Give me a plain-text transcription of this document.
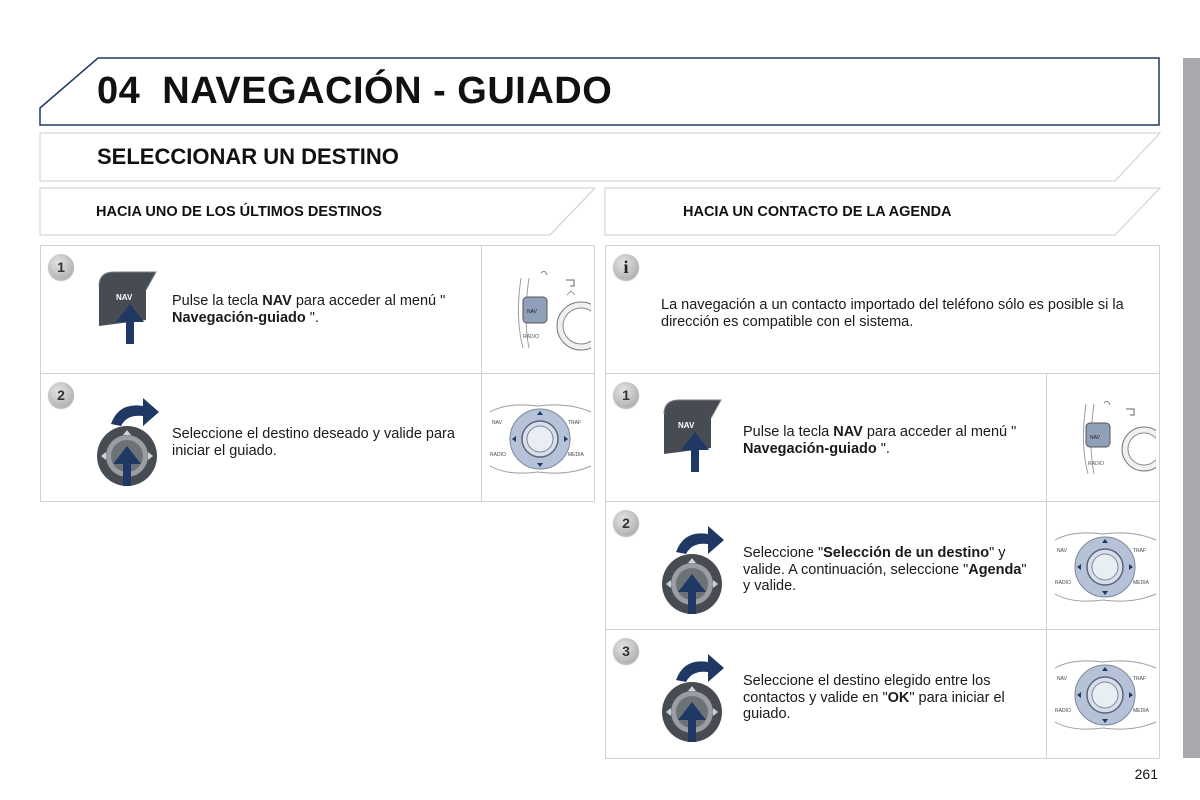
04 NAVEGACIÓN - GUIADO
SELECCIONAR UN DESTINO
HACIA UNO DE LOS ÚLTIMOS DESTINOS	HACIA UN CONTACTO DE LA AGENDA
1
NAV	Pulse la tecla NAV para acceder al menú " Navegación-guiado ".	NAV
RADIO
2
Seleccione el destino deseado y valide para iniciar el guiado.
NAV	TRAF
RADIO	MEDIA
i
La navegación a un contacto importado del teléfono sólo es posible si la dirección es compatible con el sistema.
1
NAV	Pulse la tecla NAV para acceder al menú " Navegación-guiado ".
NAV
RADIO
2
Seleccione "Selección de un destino" y valide. A continuación, seleccione "Agenda" y valide.
NAV	TRAF
RADIO	MEDIA
3
Seleccione el destino elegido entre los contactos y valide en "OK" para iniciar el guiado.
NAV	TRAF
RADIO	MEDIA
261
